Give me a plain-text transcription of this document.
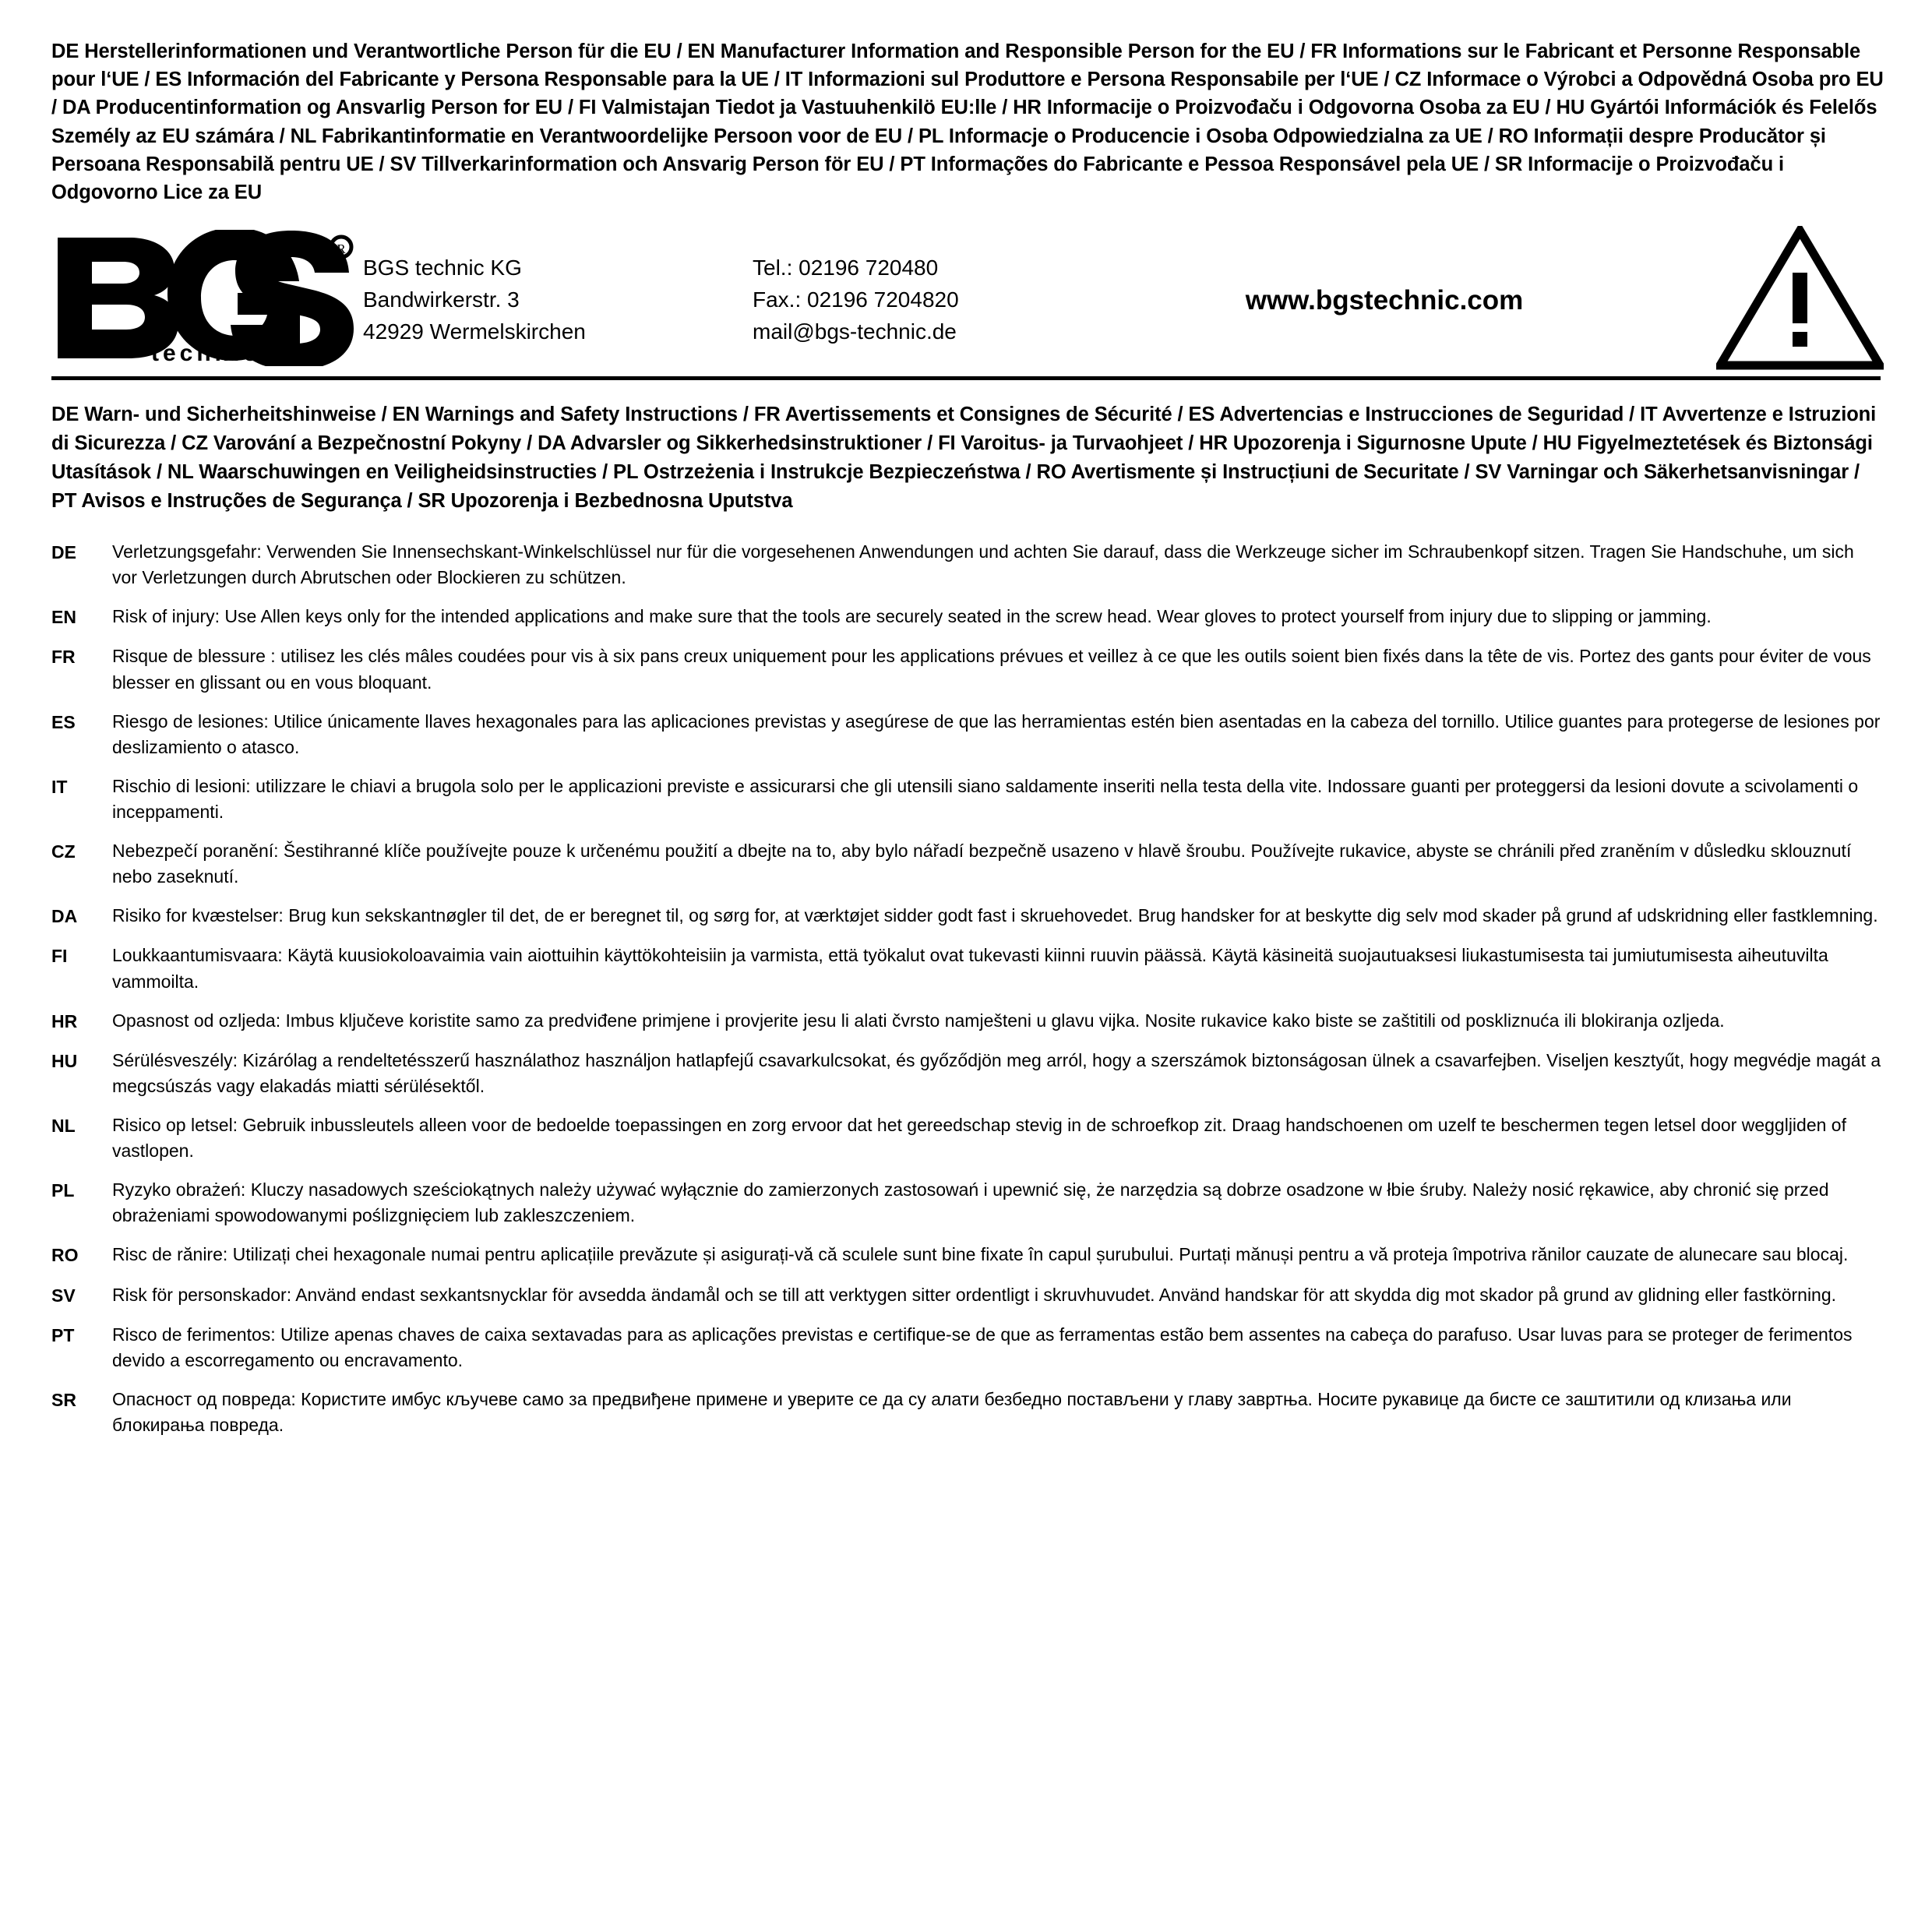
DE Herstellerinformationen und Verantwortliche Person für die EU / EN Manufacturer Information and Responsible Person for the EU / FR Informations sur le Fabricant et Personne Responsable pour l‘UE / ES Información del Fabricante y Persona Responsable para la UE / IT Informazioni sul Produttore e Persona Responsabile per l‘UE / CZ Informace o Výrobci a Odpovědná Osoba pro EU / DA Producentinformation og Ansvarlig Person for EU / FI Valmistajan Tiedot ja Vastuuhenkilö EU:lle / HR Informacije o Proizvođaču i Odgovorna Osoba za EU / HU Gyártói Információk és Felelős Személy az EU számára / NL Fabrikantinformatie en Verantwoordelijke Persoon voor de EU / PL Informacje o Producencie i Osoba Odpowiedzialna za UE / RO Informații despre Producător și Persoana Responsabilă pentru UE / SV Tillverkarinformation och Ansvarig Person för EU / PT Informações do Fabricante e Pessoa Responsável pela UE / SR Informacije o Proizvođaču i Odgovorno Lice za EU
R
technic
BGS technic KG
Bandwirkerstr. 3
42929 Wermelskirchen
Tel.: 02196 720480
Fax.: 02196 7204820
mail@bgs-technic.de
www.bgstechnic.com
DE Warn- und Sicherheitshinweise / EN Warnings and Safety Instructions / FR Avertissements et Consignes de Sécurité / ES Advertencias e Instrucciones de Seguridad / IT Avvertenze e Istruzioni di Sicurezza / CZ Varování a Bezpečnostní Pokyny / DA Advarsler og Sikkerhedsinstruktioner / FI Varoitus- ja Turvaohjeet / HR Upozorenja i Sigurnosne Upute / HU Figyelmeztetések és Biztonsági Utasítások / NL Waarschuwingen en Veiligheidsinstructies / PL Ostrzeżenia i Instrukcje Bezpieczeństwa / RO Avertismente și Instrucțiuni de Securitate / SV Varningar och Säkerhetsanvisningar / PT Avisos e Instruções de Segurança / SR Upozorenja i Bezbednosna Uputstva
DE	Verletzungsgefahr: Verwenden Sie Innensechskant-Winkelschlüssel nur für die vorgesehenen Anwendungen und achten Sie darauf, dass die Werkzeuge sicher im Schraubenkopf sitzen. Tragen Sie Handschuhe, um sich vor Verletzungen durch Abrutschen oder Blockieren zu schützen.
EN	Risk of injury: Use Allen keys only for the intended applications and make sure that the tools are securely seated in the screw head. Wear gloves to protect yourself from injury due to slipping or jamming.
FR	Risque de blessure : utilisez les clés mâles coudées pour vis à six pans creux uniquement pour les applications prévues et veillez à ce que les outils soient bien fixés dans la tête de vis. Portez des gants pour éviter de vous blesser en glissant ou en vous bloquant.
ES	Riesgo de lesiones: Utilice únicamente llaves hexagonales para las aplicaciones previstas y asegúrese de que las herramientas estén bien asentadas en la cabeza del tornillo. Utilice guantes para protegerse de lesiones por deslizamiento o atasco.
IT	Rischio di lesioni: utilizzare le chiavi a brugola solo per le applicazioni previste e assicurarsi che gli utensili siano saldamente inseriti nella testa della vite. Indossare guanti per proteggersi da lesioni dovute a scivolamenti o inceppamenti.
CZ	Nebezpečí poranění: Šestihranné klíče používejte pouze k určenému použití a dbejte na to, aby bylo nářadí bezpečně usazeno v hlavě šroubu. Používejte rukavice, abyste se chránili před zraněním v důsledku sklouznutí nebo zaseknutí.
DA	Risiko for kvæstelser: Brug kun sekskantnøgler til det, de er beregnet til, og sørg for, at værktøjet sidder godt fast i skruehovedet. Brug handsker for at beskytte dig selv mod skader på grund af udskridning eller fastklemning.
FI	Loukkaantumisvaara: Käytä kuusiokoloavaimia vain aiottuihin käyttökohteisiin ja varmista, että työkalut ovat tukevasti kiinni ruuvin päässä. Käytä käsineitä suojautuaksesi liukastumisesta tai jumiutumisesta aiheutuvilta vammoilta.
HR	Opasnost od ozljeda: Imbus ključeve koristite samo za predviđene primjene i provjerite jesu li alati čvrsto namješteni u glavu vijka. Nosite rukavice kako biste se zaštitili od poskliznuća ili blokiranja ozljeda.
HU	Sérülésveszély: Kizárólag a rendeltetésszerű használathoz használjon hatlapfejű csavarkulcsokat, és győződjön meg arról, hogy a szerszámok biztonságosan ülnek a csavarfejben. Viseljen kesztyűt, hogy megvédje magát a megcsúszás vagy elakadás miatti sérülésektől.
NL	Risico op letsel: Gebruik inbussleutels alleen voor de bedoelde toepassingen en zorg ervoor dat het gereedschap stevig in de schroefkop zit. Draag handschoenen om uzelf te beschermen tegen letsel door weggljiden of vastlopen.
PL	Ryzyko obrażeń: Kluczy nasadowych sześciokątnych należy używać wyłącznie do zamierzonych zastosowań i upewnić się, że narzędzia są dobrze osadzone w łbie śruby. Należy nosić rękawice, aby chronić się przed obrażeniami spowodowanymi poślizgnięciem lub zakleszczeniem.
RO	Risc de rănire: Utilizați chei hexagonale numai pentru aplicațiile prevăzute și asigurați-vă că sculele sunt bine fixate în capul șurubului. Purtați mănuși pentru a vă proteja împotriva rănilor cauzate de alunecare sau blocaj.
SV	Risk för personskador: Använd endast sexkantsnycklar för avsedda ändamål och se till att verktygen sitter ordentligt i skruvhuvudet. Använd handskar för att skydda dig mot skador på grund av glidning eller fastkörning.
PT	Risco de ferimentos: Utilize apenas chaves de caixa sextavadas para as aplicações previstas e certifique-se de que as ferramentas estão bem assentes na cabeça do parafuso. Usar luvas para se proteger de ferimentos devido a escorregamento ou encravamento.
SR	Опасност од повреда: Користите имбус кључеве само за предвиђене примене и уверите се да су алати безбедно постављени у главу завртња. Носите рукавице да бисте се заштитили од клизања или блокирања повреда.
